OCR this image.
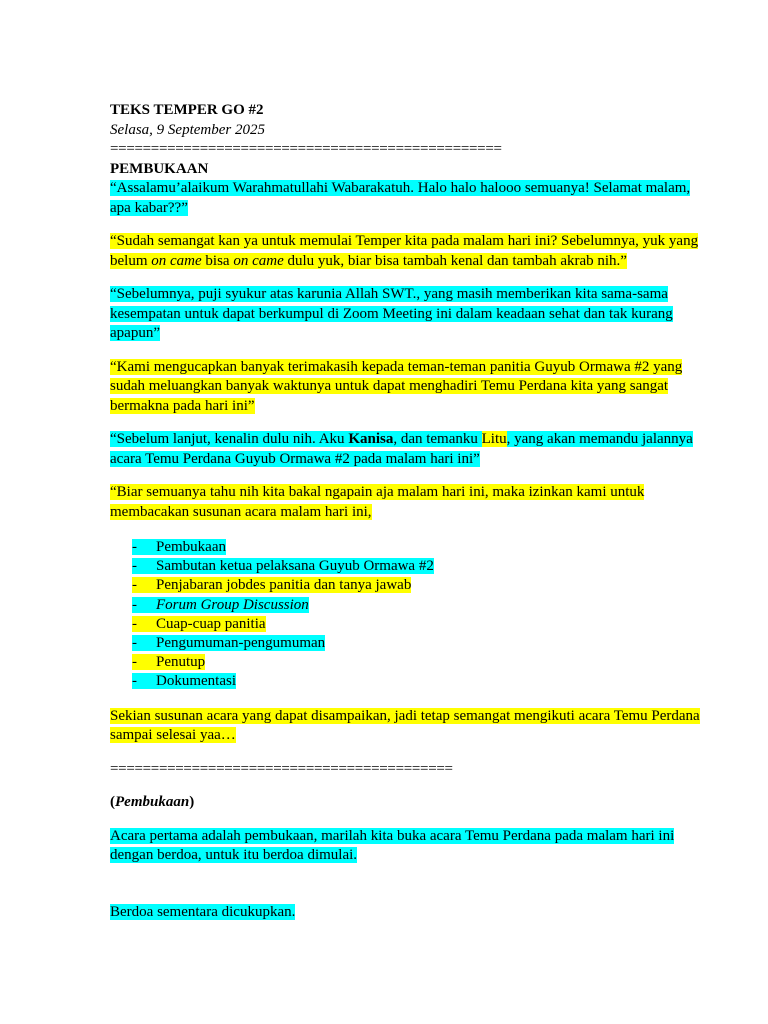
TEKS TEMPER GO #2

Selasa, 9 September 2025

================================================

PEMBUKAAN

“Assalamu’alaikum Warahmatullahi Wabarakatuh. Halo halo halooo semuanya! Selamat malam, apa kabar??”

“Sudah semangat kan ya untuk memulai Temper kita pada malam hari ini? Sebelumnya, yuk yang belum on came bisa on came dulu yuk, biar bisa tambah kenal dan tambah akrab nih.”

“Sebelumnya, puji syukur atas karunia Allah SWT., yang masih memberikan kita sama-sama kesempatan untuk dapat berkumpul di Zoom Meeting ini dalam keadaan sehat dan tak kurang apapun”

“Kami mengucapkan banyak terimakasih kepada teman-teman panitia Guyub Ormawa #2 yang sudah meluangkan banyak waktunya untuk dapat menghadiri Temu Perdana kita yang sangat bermakna pada hari ini”

“Sebelum lanjut, kenalin dulu nih. Aku Kanisa, dan temanku Litu, yang akan memandu jalannya acara Temu Perdana Guyub Ormawa #2 pada malam hari ini”

“Biar semuanya tahu nih kita bakal ngapain aja malam hari ini, maka izinkan kami untuk membacakan susunan acara malam hari ini,

- Pembukaan
- Sambutan ketua pelaksana Guyub Ormawa #2
- Penjabaran jobdes panitia dan tanya jawab
- Forum Group Discussion
- Cuap-cuap panitia
- Pengumuman-pengumuman
- Penutup
- Dokumentasi

Sekian susunan acara yang dapat disampaikan, jadi tetap semangat mengikuti acara Temu Perdana sampai selesai yaa…

==========================================

(Pembukaan)

Acara pertama adalah pembukaan, marilah kita buka acara Temu Perdana pada malam hari ini dengan berdoa, untuk itu berdoa dimulai.

Berdoa sementara dicukupkan.
